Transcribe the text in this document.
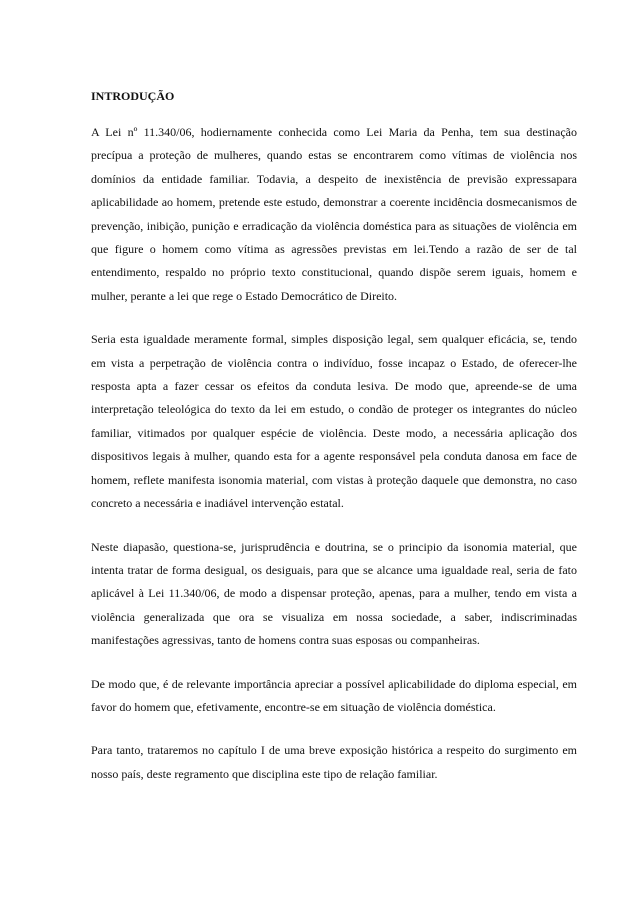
INTRODUÇÃO

A Lei nº 11.340/06, hodiernamente conhecida como Lei Maria da Penha, tem sua destinação precípua a proteção de mulheres, quando estas se encontrarem como vítimas de violência nos domínios da entidade familiar. Todavia, a despeito de inexistência de previsão expressapara aplicabilidade ao homem, pretende este estudo, demonstrar a coerente incidência dosmecanismos de prevenção, inibição, punição e erradicação da violência doméstica para as situações de violência em que figure o homem como vítima as agressões previstas em lei.Tendo a razão de ser de tal entendimento, respaldo no próprio texto constitucional, quando dispõe serem iguais, homem e mulher, perante a lei que rege o Estado Democrático de Direito.

Seria esta igualdade meramente formal, simples disposição legal, sem qualquer eficácia, se, tendo em vista a perpetração de violência contra o indivíduo, fosse incapaz o Estado, de oferecer-lhe resposta apta a fazer cessar os efeitos da conduta lesiva. De modo que, apreende-se de uma interpretação teleológica do texto da lei em estudo, o condão de proteger os integrantes do núcleo familiar, vitimados por qualquer espécie de violência. Deste modo, a necessária aplicação dos dispositivos legais à mulher, quando esta for a agente responsável pela conduta danosa em face de homem, reflete manifesta isonomia material, com vistas à proteção daquele que demonstra, no caso concreto a necessária e inadiável intervenção estatal.

Neste diapasão, questiona-se, jurisprudência e doutrina, se o principio da isonomia material, que intenta tratar de forma desigual, os desiguais, para que se alcance uma igualdade real, seria de fato aplicável à Lei 11.340/06, de modo a dispensar proteção, apenas, para a mulher, tendo em vista a violência generalizada que ora se visualiza em nossa sociedade, a saber, indiscriminadas manifestações agressivas, tanto de homens contra suas esposas ou companheiras.

De modo que, é de relevante importância apreciar a possível aplicabilidade do diploma especial, em favor do homem que, efetivamente, encontre-se em situação de violência doméstica.

Para tanto, trataremos no capítulo I de uma breve exposição histórica a respeito do surgimento em nosso país, deste regramento que disciplina este tipo de relação familiar.
